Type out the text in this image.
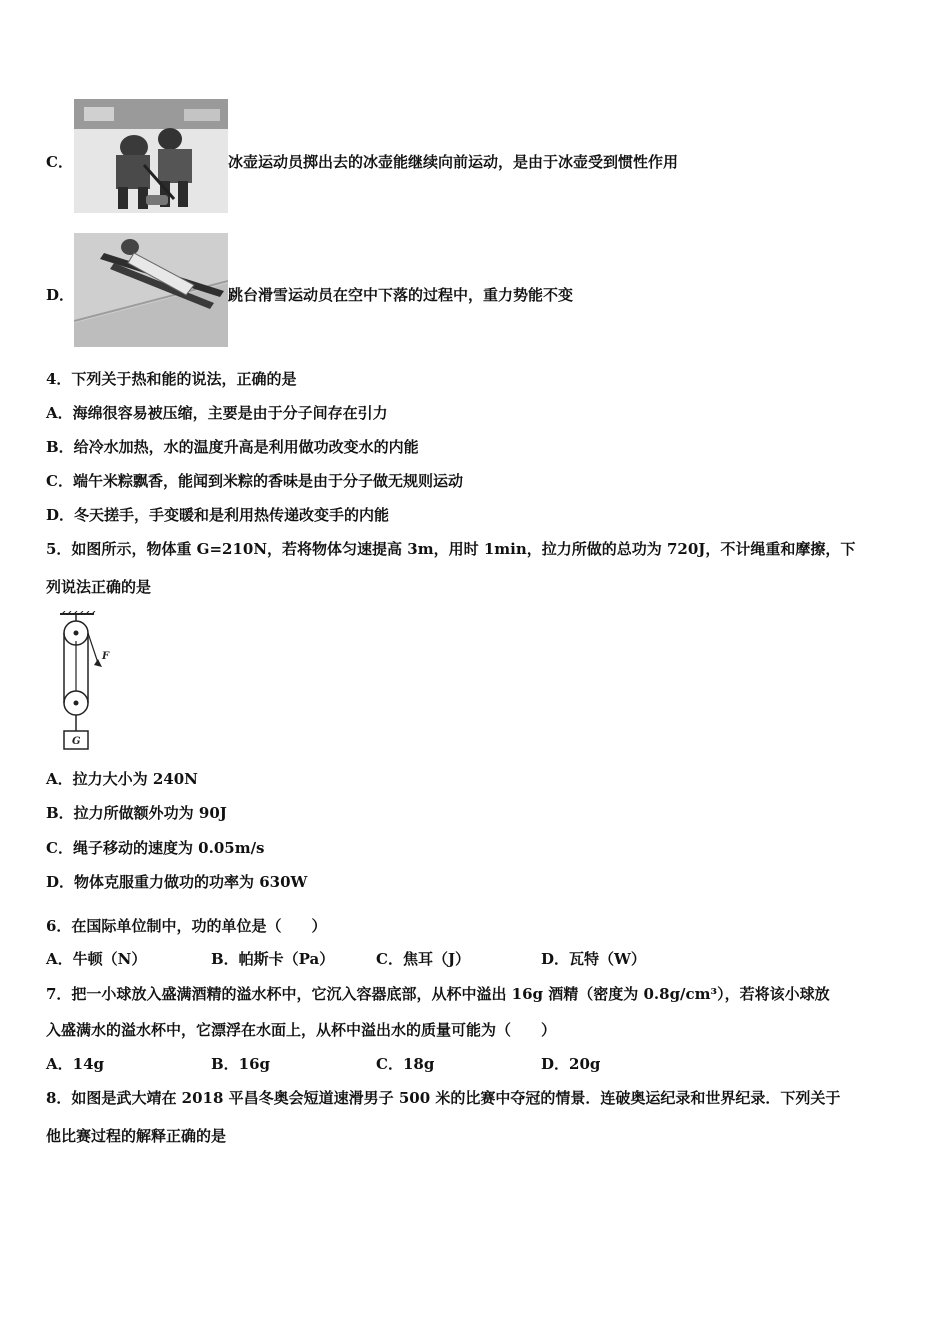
C．	冰壶运动员掷出去的冰壶能继续向前运动，是由于冰壶受到惯性作用
D．	跳台滑雪运动员在空中下落的过程中，重力势能不变
4．下列关于热和能的说法，正确的是
A．海绵很容易被压缩，主要是由于分子间存在引力
B．给冷水加热，水的温度升高是利用做功改变水的内能
C．端午米粽飘香，能闻到米粽的香味是由于分子做无规则运动
D．冬天搓手，手变暖和是利用热传递改变手的内能
5．如图所示，物体重 G=210N，若将物体匀速提高 3m，用时 1min，拉力所做的总功为 720J，不计绳重和摩擦，下
列说法正确的是
F
G
A．拉力大小为 240N
B．拉力所做额外功为 90J
C．绳子移动的速度为 0.05m/s
D．物体克服重力做功的功率为 630W
6．在国际单位制中，功的单位是（　　）
A．牛顿（N）	B．帕斯卡（Pa）	C．焦耳（J）	D．瓦特（W）
7．把一小球放入盛满酒精的溢水杯中，它沉入容器底部，从杯中溢出 16g 酒精（密度为 0.8g/cm³），若将该小球放
入盛满水的溢水杯中，它漂浮在水面上，从杯中溢出水的质量可能为（　　）
A．14g	B．16g	C．18g	D．20g
8．如图是武大靖在 2018 平昌冬奥会短道速滑男子 500 米的比赛中夺冠的情景．连破奥运纪录和世界纪录．下列关于
他比赛过程的解释正确的是
